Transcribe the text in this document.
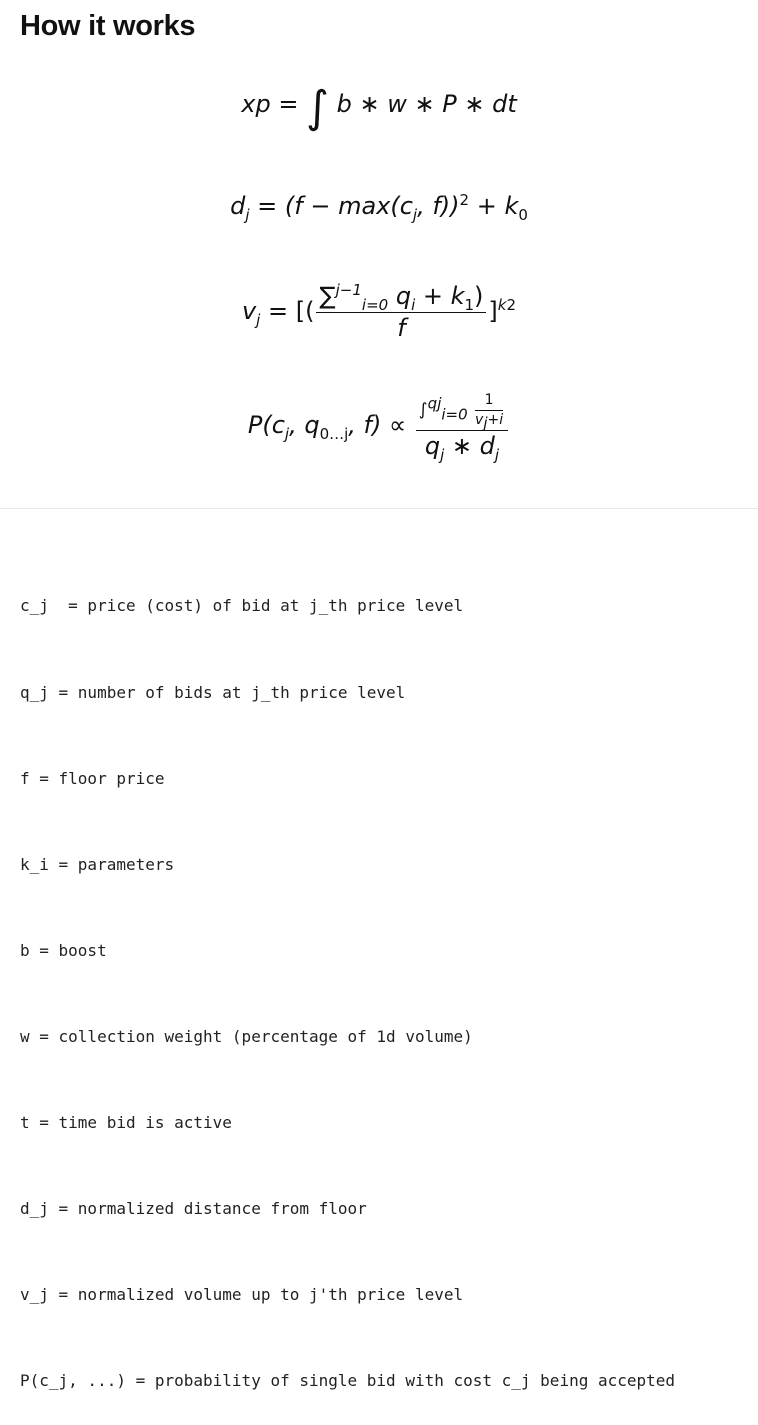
How it works
xp = ∫ b ∗ w ∗ P ∗ dt
$d_j = (f - \max(c_j$, $f))^2 + k_0$
$v_j$ = [( $\frac{\sum^{j-1}_{i=0} q_i + k_1)}{f} ]^{k2}$
$P(c_j$, $q_{0\dots j}$, $f) \propto \frac{\int^{qj}_{i=0} \frac{1}{v_j+i}}{q_j ∗ d_j}$

c_j  = price (cost) of bid at j_th price level

q_j = number of bids at j_th price level

f = floor price

k_i = parameters

b = boost

w = collection weight (percentage of 1d volume)

t = time bid is active

d_j = normalized distance from floor

v_j = normalized volume up to j'th price level

P(c_j, ...) = probability of single bid with cost c_j being accepted
